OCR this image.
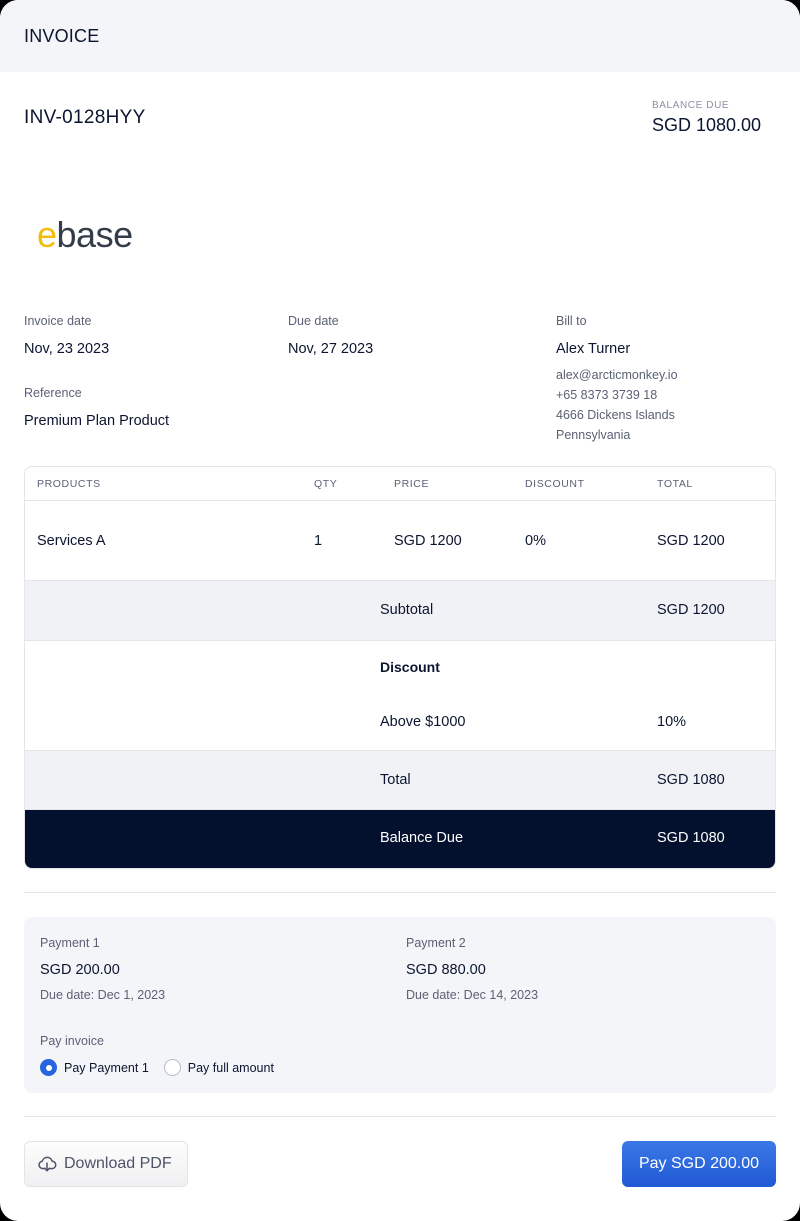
INVOICE
INV-0128HYY
BALANCE DUE
SGD 1080.00
ebase
Invoice date
Nov, 23 2023
Due date
Nov, 27 2023
Reference
Premium Plan Product
Bill to
Alex Turner
alex@arcticmonkey.io
+65 8373 3739 18
4666 Dickens Islands
Pennsylvania
PRODUCTS	QTY	PRICE	DISCOUNT	TOTAL
Services A	1	SGD 1200	0%	SGD 1200
Subtotal	SGD 1200
Discount
Above $1000	10%
Total	SGD 1080
Balance Due	SGD 1080
Payment 1
SGD 200.00
Due date: Dec 1, 2023
Payment 2
SGD 880.00
Due date: Dec 14, 2023
Pay invoice
Pay Payment 1	Pay full amount
Download PDF	Pay SGD 200.00
